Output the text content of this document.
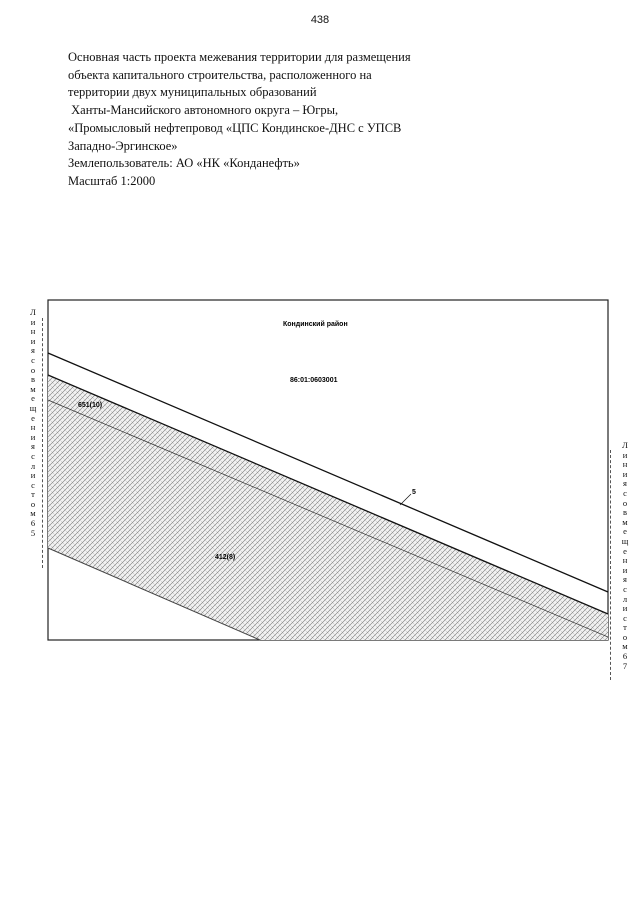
438
Основная часть проекта межевания территории для размещения
объекта капитального строительства, расположенного на
территории двух муниципальных образований
Ханты-Мансийского автономного округа – Югры,
«Промысловый нефтепровод «ЦПС Кондинское-ДНС с УПСВ
Западно-Эргинское»
Землепользователь: АО «НК «Конданефть»
Масштаб 1:2000
Л
и
н
и
я
с
о
в
м
е
щ
е
н
и
я
с
л
и
с
т
о
м
6
5
Л
и
н
и
я
с
о
в
м
е
щ
е
н
и
я
с
л
и
с
т
о
м
6
7
Кондинский район
86:01:0603001
651(10)
412(8)
5
